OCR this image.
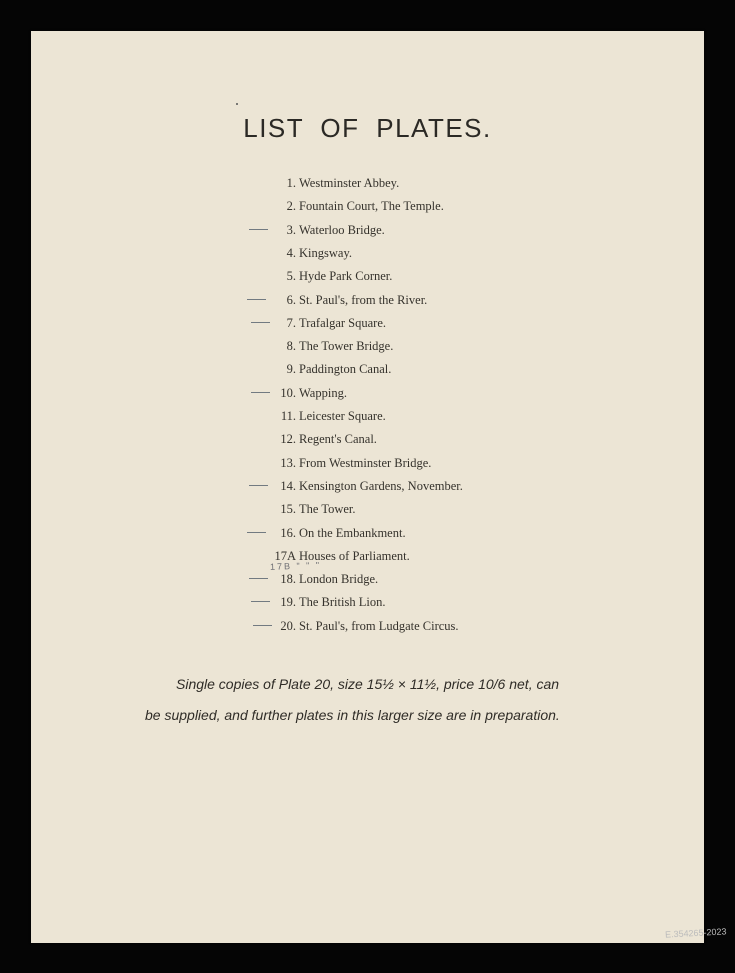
LIST OF PLATES.
1. Westminster Abbey.
2. Fountain Court, The Temple.
3. Waterloo Bridge.
4. Kingsway.
5. Hyde Park Corner.
6. St. Paul's, from the River.
7. Trafalgar Square.
8. The Tower Bridge.
9. Paddington Canal.
10. Wapping.
11. Leicester Square.
12. Regent's Canal.
13. From Westminster Bridge.
14. Kensington Gardens, November.
15. The Tower.
16. On the Embankment.
17A Houses of Parliament.
18. London Bridge.
19. The British Lion.
20. St. Paul's, from Ludgate Circus.
17B " " "
Single copies of Plate 20, size 15½ × 11½, price 10/6 net, can
be supplied, and further plates in this larger size are in preparation.
E.354265-2023
